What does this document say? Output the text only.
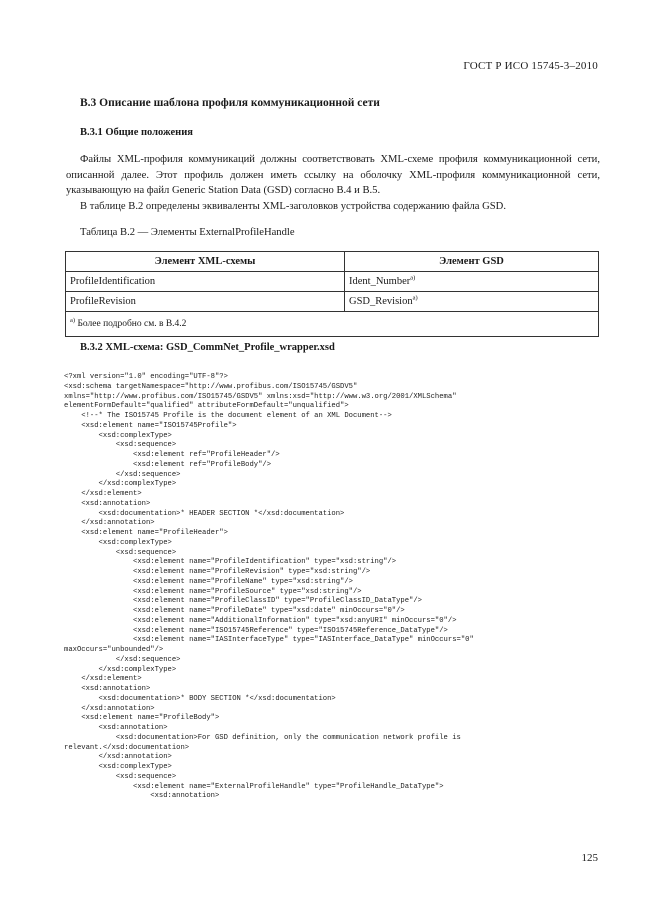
ГОСТ Р ИСО 15745-3–2010
B.3 Описание шаблона профиля коммуникационной сети
B.3.1 Общие положения

Файлы XML-профиля коммуникаций должны соответствовать XML-схеме профиля коммуникационной сети, описанной далее. Этот профиль должен иметь ссылку на оболочку XML-профиля коммуникационной сети, указывающую на файл Generic Station Data (GSD) согласно В.4 и В.5.

В таблице В.2 определены эквиваленты XML-заголовков устройства содержанию файла GSD.

Таблица В.2 — Элементы ExternalProfileHandle
Элемент XML-схемы	Элемент GSD
ProfileIdentification	Ident_Number$^{a)}$
ProfileRevision	GSD_Revision$^{a)}$
$^{a)}$ Более подробно см. в В.4.2	
B.3.2 XML-схема: GSD_CommNet_Profile_wrapper.xsd
<?xml version="1.0" encoding="UTF-8"?>
<xsd:schema targetNamespace="http://www.profibus.com/ISO15745/GSDV5"
xmlns="http://www.profibus.com/ISO15745/GSDV5" xmlns:xsd="http://www.w3.org/2001/XMLSchema"
elementFormDefault="qualified" attributeFormDefault="unqualified">
<!--* The ISO15745 Profile is the document element of an XML Document-->
<xsd:element name="ISO15745Profile">
<xsd:complexType>
<xsd:sequence>
<xsd:element ref="ProfileHeader"/>
<xsd:element ref="ProfileBody"/>
</xsd:sequence>
</xsd:complexType>
</xsd:element>
<xsd:annotation>
<xsd:documentation>* HEADER SECTION *</xsd:documentation>
</xsd:annotation>
<xsd:element name="ProfileHeader">
<xsd:complexType>
<xsd:sequence>
<xsd:element name="ProfileIdentification" type="xsd:string"/>
<xsd:element name="ProfileRevision" type="xsd:string"/>
<xsd:element name="ProfileName" type="xsd:string"/>
<xsd:element name="ProfileSource" type="xsd:string"/>
<xsd:element name="ProfileClassID" type="ProfileClassID_DataType"/>
<xsd:element name="ProfileDate" type="xsd:date" minOccurs="0"/>
<xsd:element name="AdditionalInformation" type="xsd:anyURI" minOccurs="0"/>
<xsd:element name="ISO15745Reference" type="ISO15745Reference_DataType"/>
<xsd:element name="IASInterfaceType" type="IASInterface_DataType" minOccurs="0"
maxOccurs="unbounded"/>
</xsd:sequence>
</xsd:complexType>
</xsd:element>
<xsd:annotation>
<xsd:documentation>* BODY SECTION *</xsd:documentation>
</xsd:annotation>
<xsd:element name="ProfileBody">
<xsd:annotation>
<xsd:documentation>For GSD definition, only the communication network profile is
relevant.</xsd:documentation>
</xsd:annotation>
<xsd:complexType>
<xsd:sequence>
<xsd:element name="ExternalProfileHandle" type="ProfileHandle_DataType">
<xsd:annotation>
125
